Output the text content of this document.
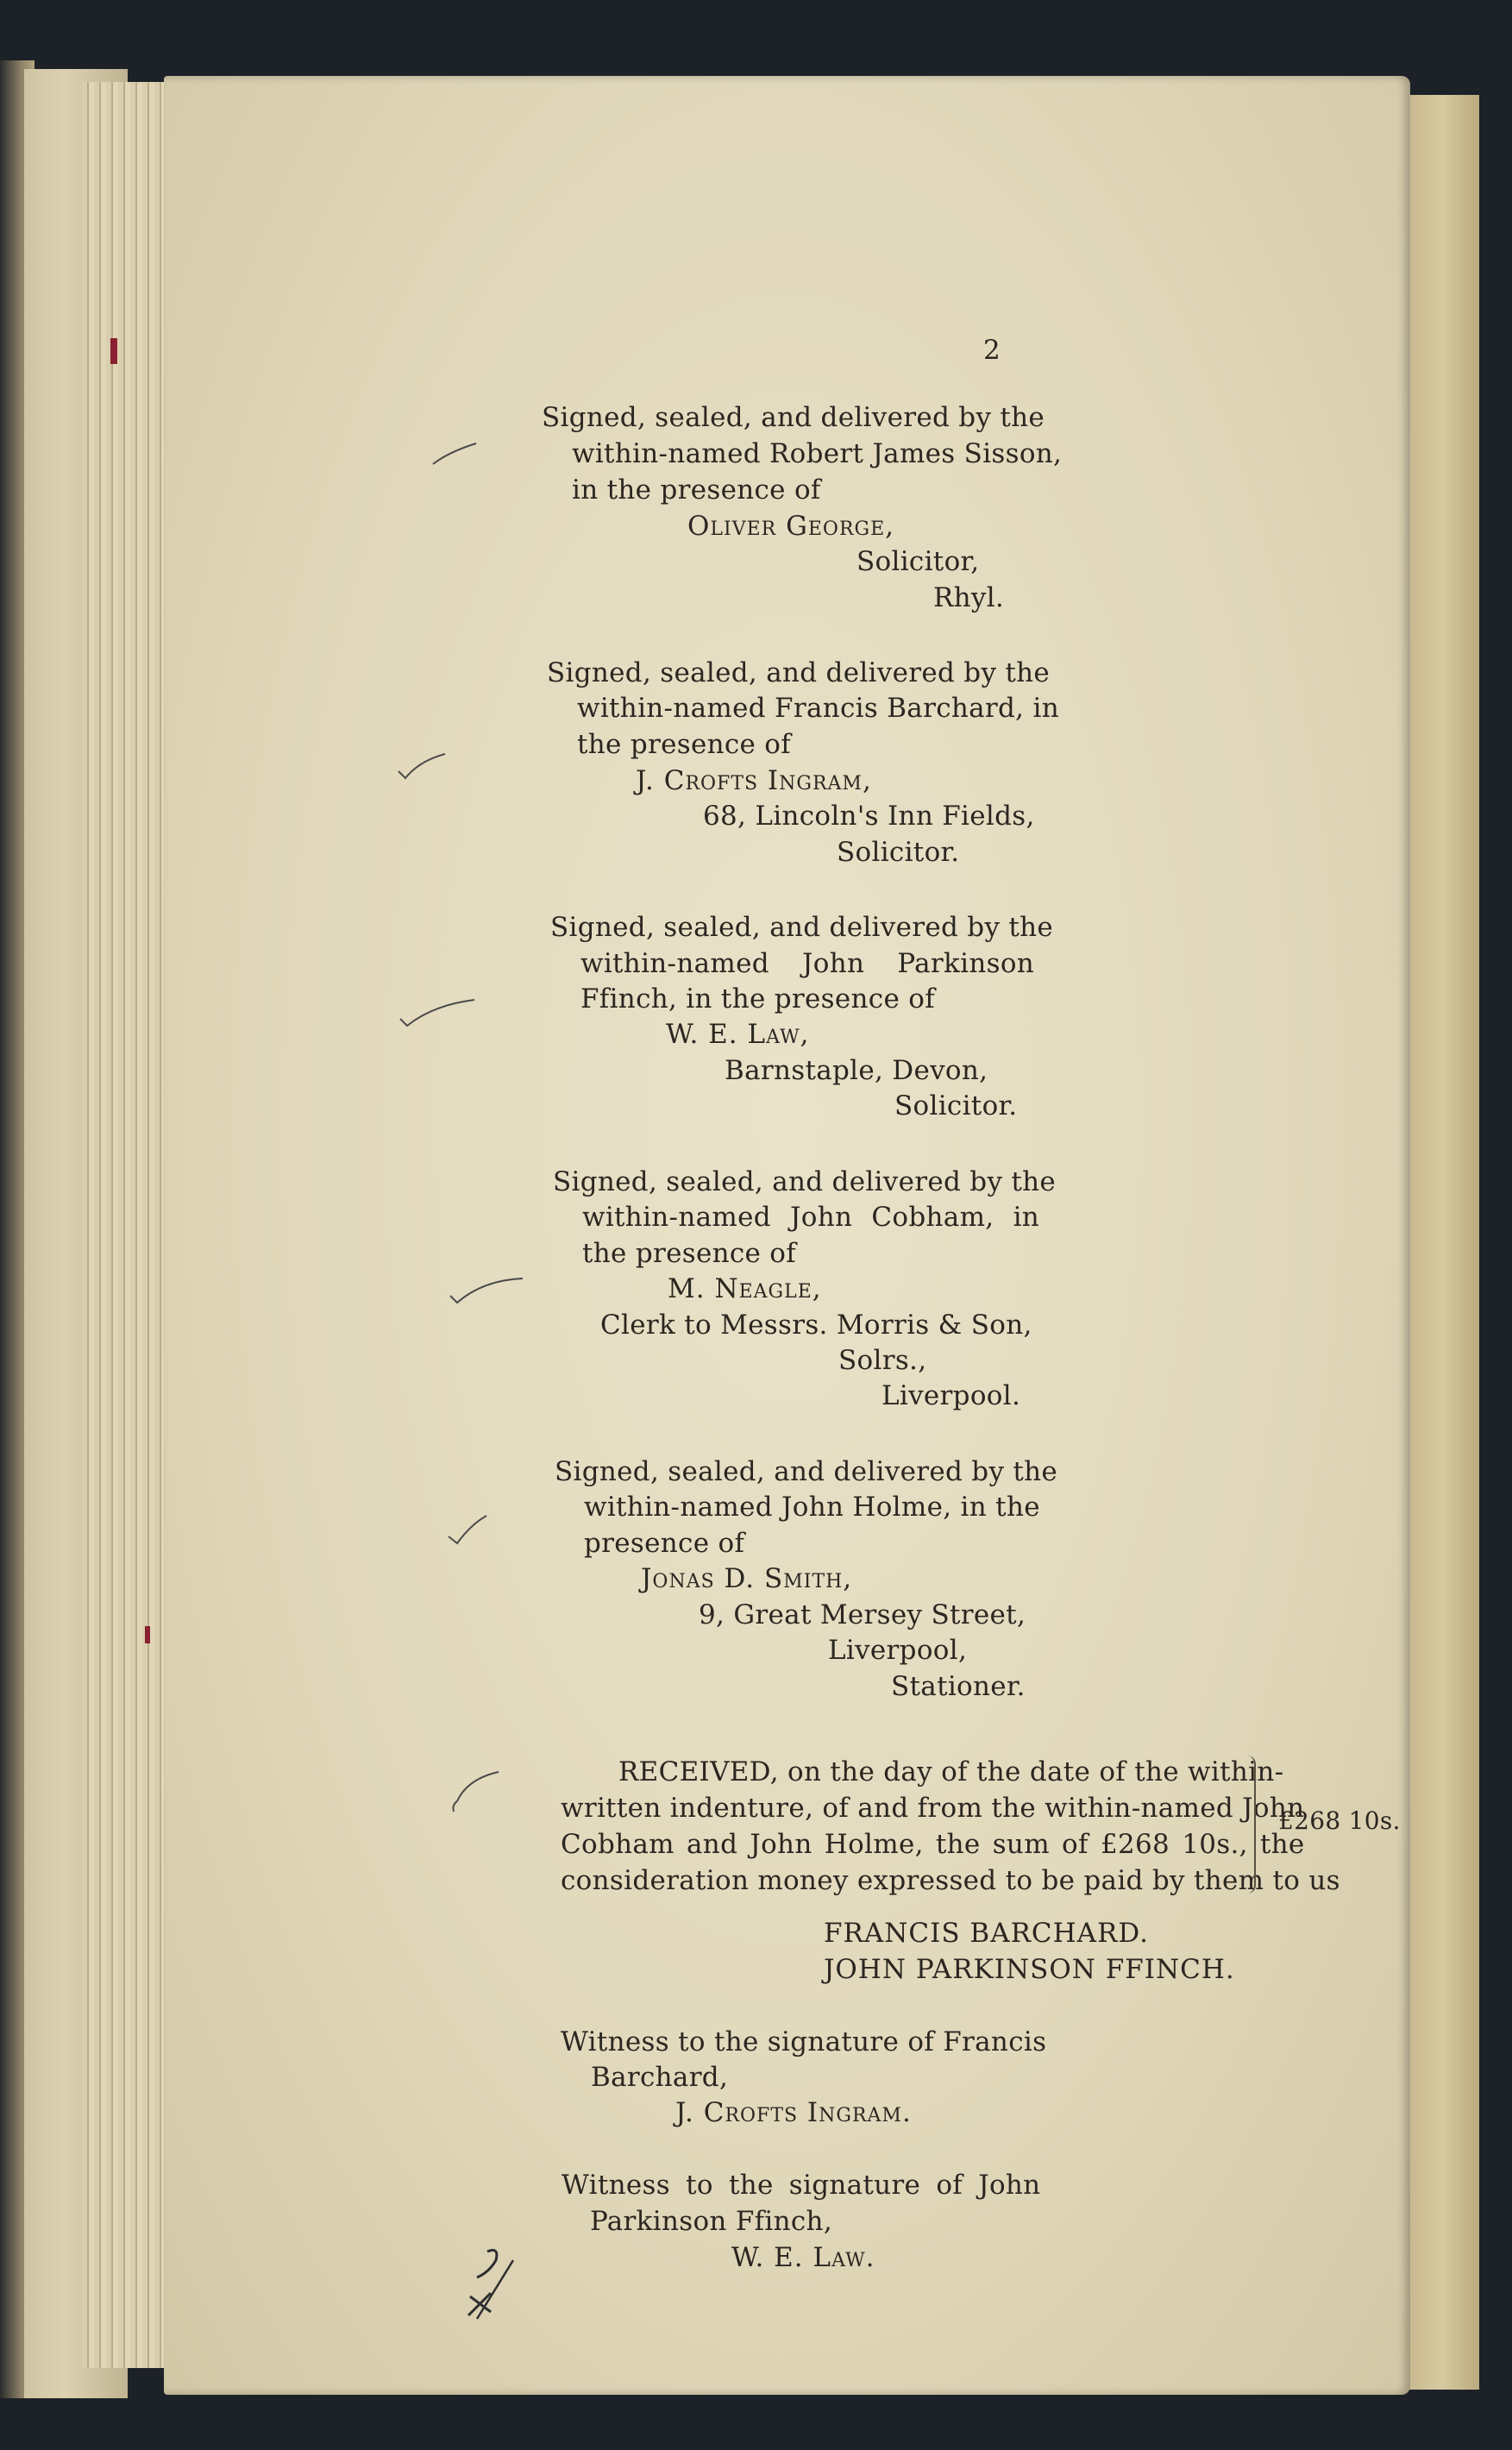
2
Signed, sealed, and delivered by the
within-named Robert James Sisson,
in the presence of
Oliver George,
Solicitor,
Rhyl.
Signed, sealed, and delivered by the
within-named Francis Barchard, in
the presence of
J. Crofts Ingram,
68, Lincoln's Inn Fields,
Solicitor.
Signed, sealed, and delivered by the
within-named John Parkinson
Ffinch, in the presence of
W. E. Law,
Barnstaple, Devon,
Solicitor.
Signed, sealed, and delivered by the
within-named John Cobham, in
the presence of
M. Neagle,
Clerk to Messrs. Morris & Son,
Solrs.,
Liverpool.
Signed, sealed, and delivered by the
within-named John Holme, in the
presence of
Jonas D. Smith,
9, Great Mersey Street,
Liverpool,
Stationer.
RECEIVED, on the day of the date of the within-
written indenture, of and from the within-named John
Cobham and John Holme, the sum of £268 10s., the
consideration money expressed to be paid by them to us
£268 10s.
FRANCIS BARCHARD.
JOHN PARKINSON FFINCH.
Witness to the signature of Francis
Barchard,
J. Crofts Ingram.
Witness to the signature of John
Parkinson Ffinch,
W. E. Law.
